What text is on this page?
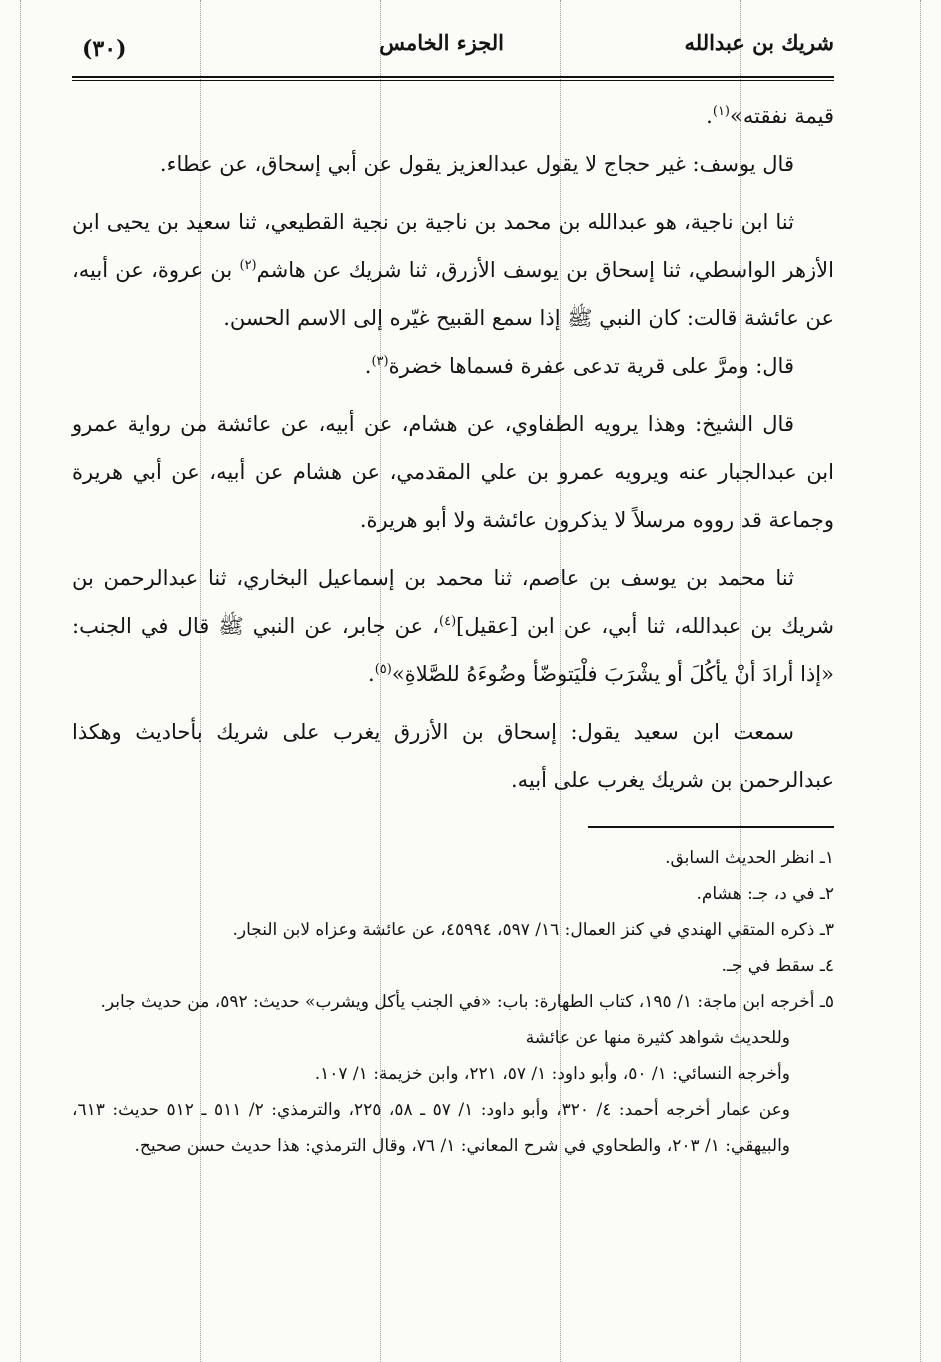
شريك بن عبدالله
الجزء الخامس
(٣٠)

قيمة نفقته»$^{(١)}$.

قال يوسف: غير حجاج لا يقول عبدالعزيز يقول عن أبي إسحاق، عن عطاء.

ثنا ابن ناجية، هو عبدالله بن محمد بن ناجية بن نجية القطيعي، ثنا سعيد بن يحيى ابن الأزهر الواسطي، ثنا إسحاق بن يوسف الأزرق، ثنا شريك عن هاشم$^{(٢)}$ بن عروة، عن أبيه، عن عائشة قالت: كان النبي ﷺ إذا سمع القبيح غيّره إلى الاسم الحسن.

قال: ومرَّ على قرية تدعى عفرة فسماها خضرة$^{(٣)}$.

قال الشيخ: وهذا يرويه الطفاوي، عن هشام، عن أبيه، عن عائشة من رواية عمرو ابن عبدالجبار عنه ويرويه عمرو بن علي المقدمي، عن هشام عن أبيه، عن أبي هريرة وجماعة قد رووه مرسلاً لا يذكرون عائشة ولا أبو هريرة.

ثنا محمد بن يوسف بن عاصم، ثنا محمد بن إسماعيل البخاري، ثنا عبدالرحمن بن شريك بن عبدالله، ثنا أبي، عن ابن [عقيل]$^{(٤)}$، عن جابر، عن النبي ﷺ قال في الجنب: «إذا أرادَ أنْ يأكُلَ أو يشْرَبَ فلْيَتوضّأ وضُوءَهُ للصَّلاةِ»$^{(٥)}$.

سمعت ابن سعيد يقول: إسحاق بن الأزرق يغرب على شريك بأحاديث وهكذا عبدالرحمن بن شريك يغرب على أبيه.

١ـ انظر الحديث السابق.

٢ـ في د، جـ: هشام.

٣ـ ذكره المتقي الهندي في كنز العمال: ١٦/ ٥٩٧، ٤٥٩٩٤، عن عائشة وعزاه لابن النجار.

٤ـ سقط في جـ.

٥ـ أخرجه ابن ماجة: ١/ ١٩٥، كتاب الطهارة: باب: «في الجنب يأكل ويشرب» حديث: ٥٩٢، من حديث جابر.

وللحديث شواهد كثيرة منها عن عائشة

وأخرجه النسائي: ١/ ٥٠، وأبو داود: ١/ ٥٧، ٢٢١، وابن خزيمة: ١/ ١٠٧.

وعن عمار أخرجه أحمد: ٤/ ٣٢٠، وأبو داود: ١/ ٥٧ ـ ٥٨، ٢٢٥، والترمذي: ٢/ ٥١١ ـ ٥١٢ حديث: ٦١٣، والبيهقي: ١/ ٢٠٣، والطحاوي في شرح المعاني: ١/ ٧٦، وقال الترمذي: هذا حديث حسن صحيح.
